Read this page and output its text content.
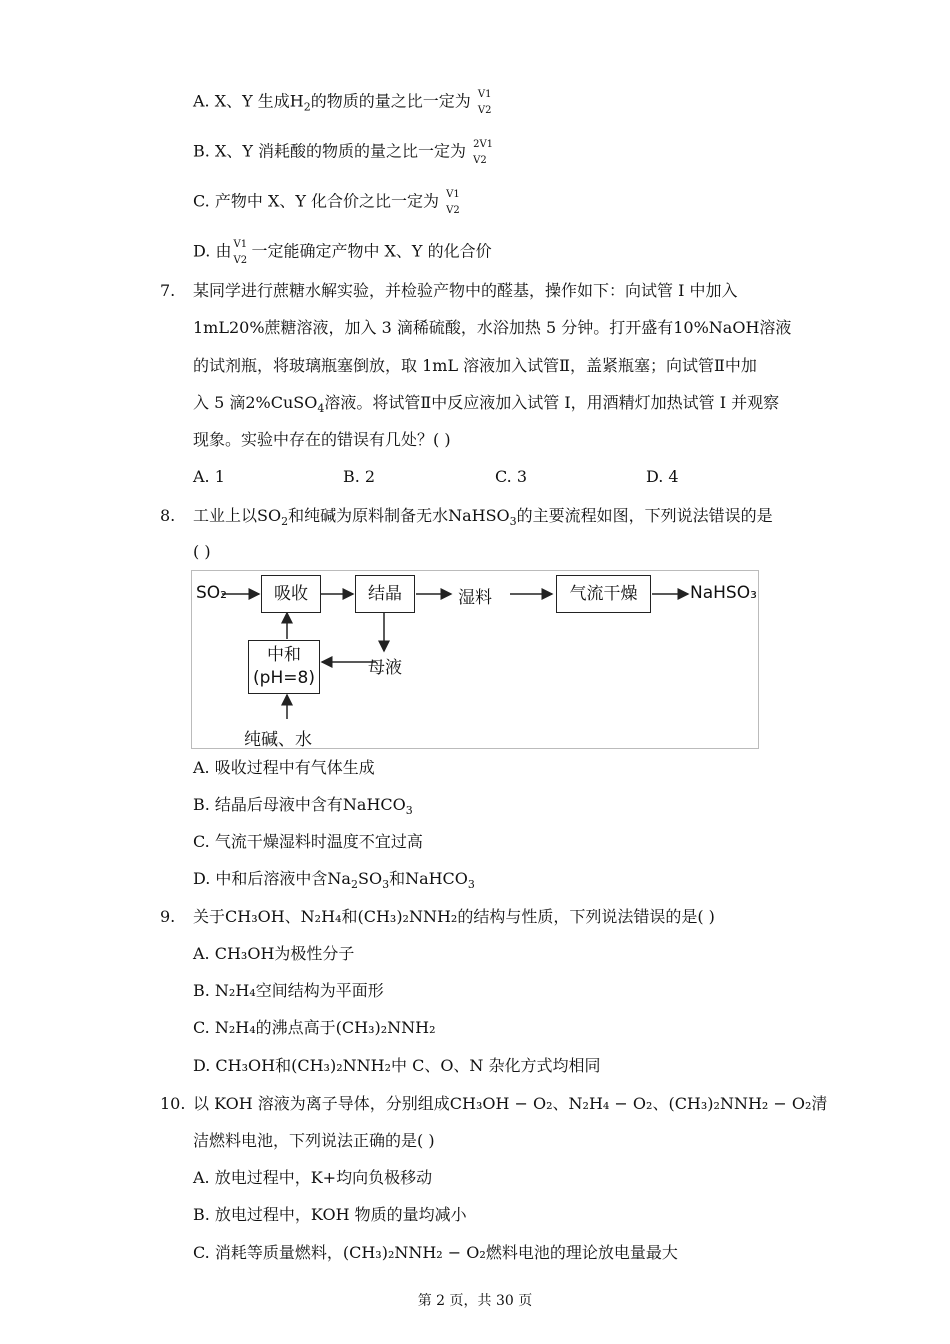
A. X、Y 生成$H_2$的物质的量之比一定为 V1
V2
B. X、Y 消耗酸的物质的量之比一定为 2V1
V2
C. 产物中 X、Y 化合价之比一定为 V1
V2
D. 由 V1
V2 一定能确定产物中 X、Y 的化合价
7. 某同学进行蔗糖水解实验，并检验产物中的醛基，操作如下：向试管 I 中加入
1mL20%蔗糖溶液，加入 3 滴稀硫酸，水浴加热 5 分钟。打开盛有10%NaOH溶液
的试剂瓶，将玻璃瓶塞倒放，取 1mL 溶液加入试管Ⅱ，盖紧瓶塞；向试管Ⅱ中加
入 5 滴2%CuSO$_4$溶液。将试管Ⅱ中反应液加入试管 I，用酒精灯加热试管 I 并观察
现象。实验中存在的错误有几处？( )
A. 1	B. 2	C. 3	D. 4
8. 工业上以$SO_2$和纯碱为原料制备无水NaHSO$_3$的主要流程如图，下列说法错误的是
( )
SO₂	吸收	结晶	湿料	气流干燥	NaHSO₃
中和
(pH=8)	母液
纯碱、水
A. 吸收过程中有气体生成
B. 结晶后母液中含有NaHCO$_3$
C. 气流干燥湿料时温度不宜过高
D. 中和后溶液中含$Na_2SO_3$和NaHCO$_3$
9. 关于CH₃OH、N₂H₄和(CH₃)₂NNH₂的结构与性质，下列说法错误的是( )
A. CH₃OH为极性分子
B. N₂H₄空间结构为平面形
C. N₂H₄的沸点高于(CH₃)₂NNH₂
D. CH₃OH和(CH₃)₂NNH₂中 C、O、N 杂化方式均相同
10. 以 KOH 溶液为离子导体，分别组成CH₃OH − O₂、N₂H₄ − O₂、(CH₃)₂NNH₂ − O₂清
洁燃料电池，下列说法正确的是( )
A. 放电过程中，K+均向负极移动
B. 放电过程中，KOH 物质的量均减小
C. 消耗等质量燃料，(CH₃)₂NNH₂ − O₂燃料电池的理论放电量最大
第 2 页，共 30 页
